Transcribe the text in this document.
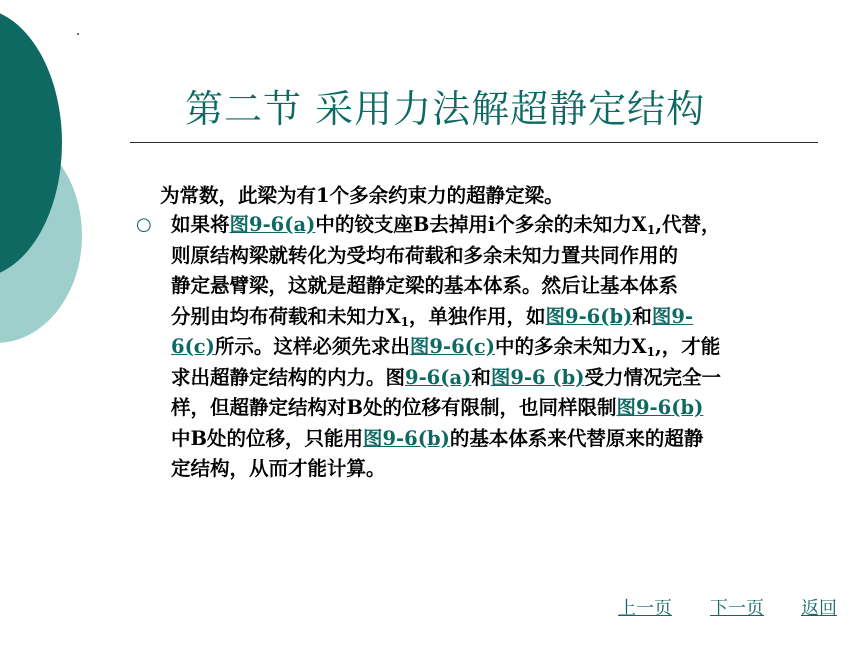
第二节 采用力法解超静定结构
为常数，此梁为有1个多余约束力的超静定梁。
○ 如果将图9-6(a)中的铰支座B去掉用i个多余的未知力$X_1$,代替，
则原结构梁就转化为受均布荷载和多余未知力置共同作用的
静定悬臂梁，这就是超静定梁的基本体系。然后让基本体系
分别由均布荷载和未知力$X_1$，单独作用，如图9-6(b)和图9-
6(c)所示。这样必须先求出图9-6(c)中的多余未知力$X_1$,，才能
求出超静定结构的内力。图9-6(a)和图9-6 (b)受力情况完全一
样，但超静定结构对B处的位移有限制，也同样限制图9-6(b)
中B处的位移，只能用图9-6(b)的基本体系来代替原来的超静
定结构，从而才能计算。
上一页 下一页 返回
